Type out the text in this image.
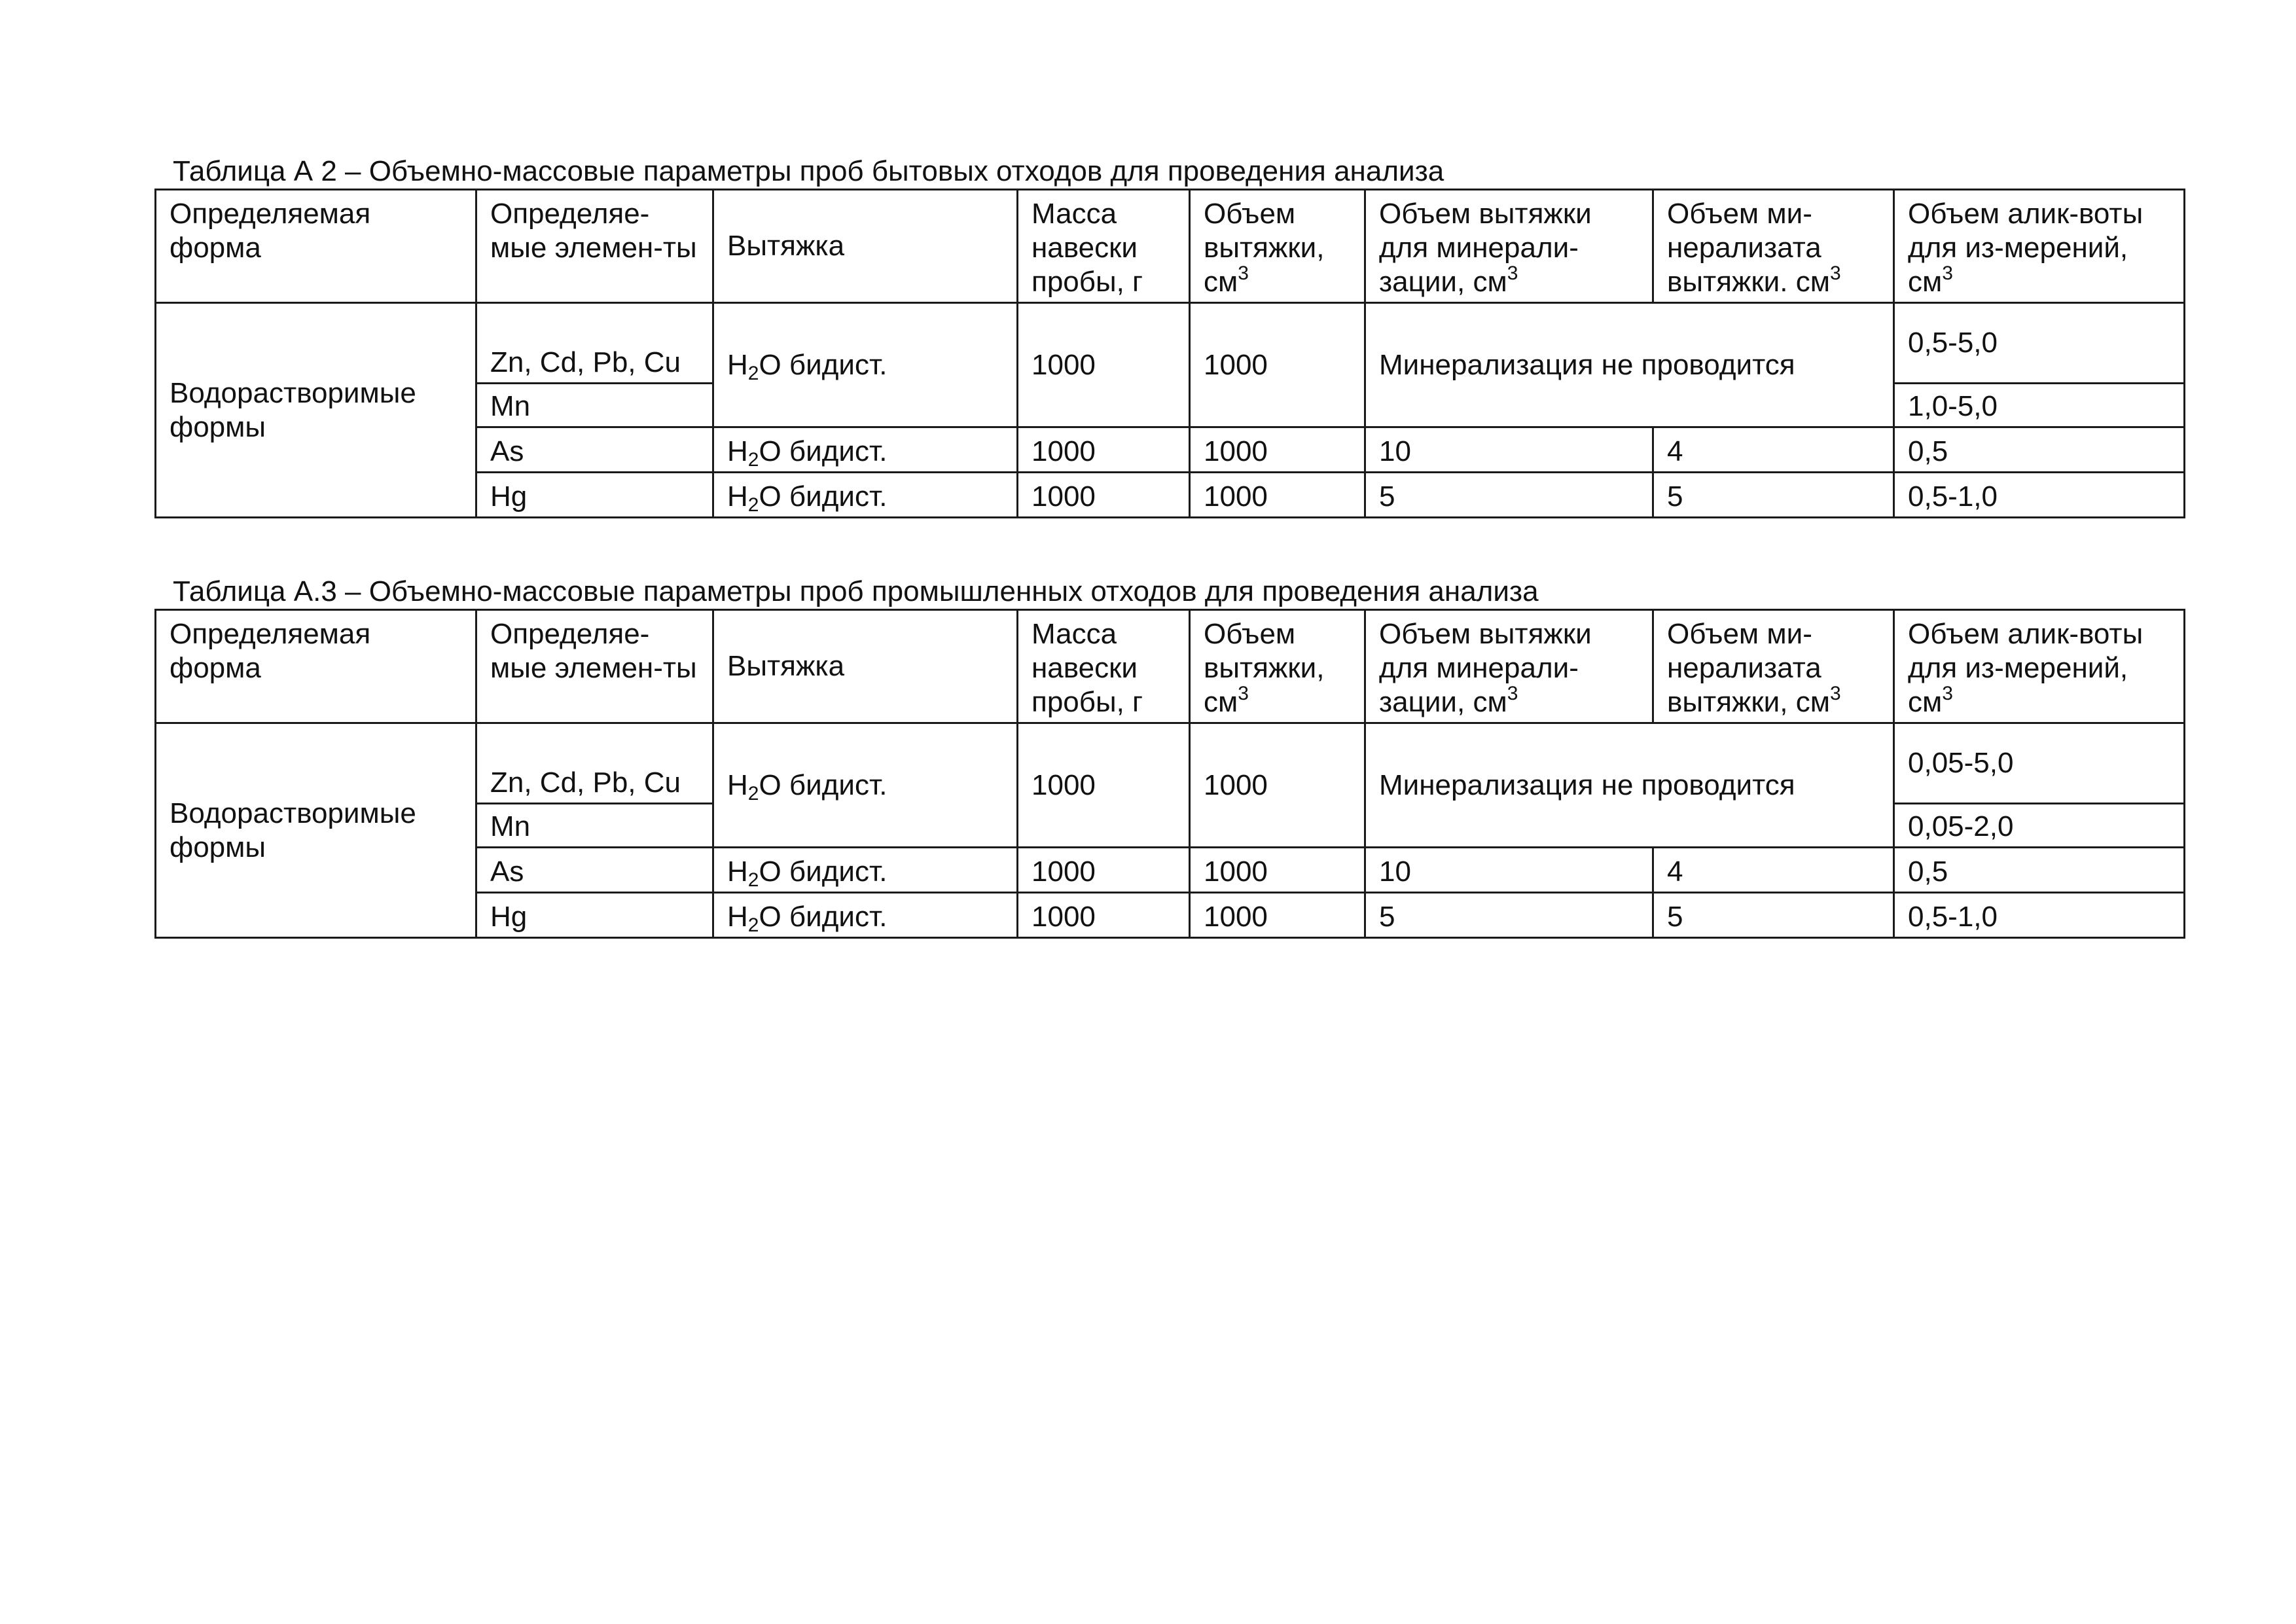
Таблица А 2 – Объемно-массовые параметры проб бытовых отходов для проведения анализа
Определяемая форма	Определяе-мые элемен-ты	Вытяжка	Масса навески пробы, г	Объем вытяжки, $см^3$	Объем вытяжки для минерали-зации, $см^3$	Объем ми-нерализата вытяжки. $см^3$	Объем алик-воты для из-мерений, $см^3$
Водорастворимые формы	Zn, Cd, Pb, Cu	$H_2O$ бидист.	1000	1000	Минерализация не проводится		0,5-5,0
	Mn						1,0-5,0
	As	$H_2O$ бидист.	1000	1000	10	4	0,5
	Hg	$H_2O$ бидист.	1000	1000	5	5	0,5-1,0
Таблица А.3 – Объемно-массовые параметры проб промышленных отходов для проведения анализа
Определяемая форма	Определяе-мые элемен-ты	Вытяжка	Масса навески пробы, г	Объем вытяжки, $см^3$	Объем вытяжки для минерали-зации, $см^3$	Объем ми-нерализата вытяжки, $см^3$	Объем алик-воты для из-мерений, $см^3$
Водорастворимые формы	Zn, Cd, Pb, Cu	$H_2O$ бидист.	1000	1000	Минерализация не проводится		0,05-5,0
	Mn						0,05-2,0
	As	$H_2O$ бидист.	1000	1000	10	4	0,5
	Hg	$H_2O$ бидист.	1000	1000	5	5	0,5-1,0
